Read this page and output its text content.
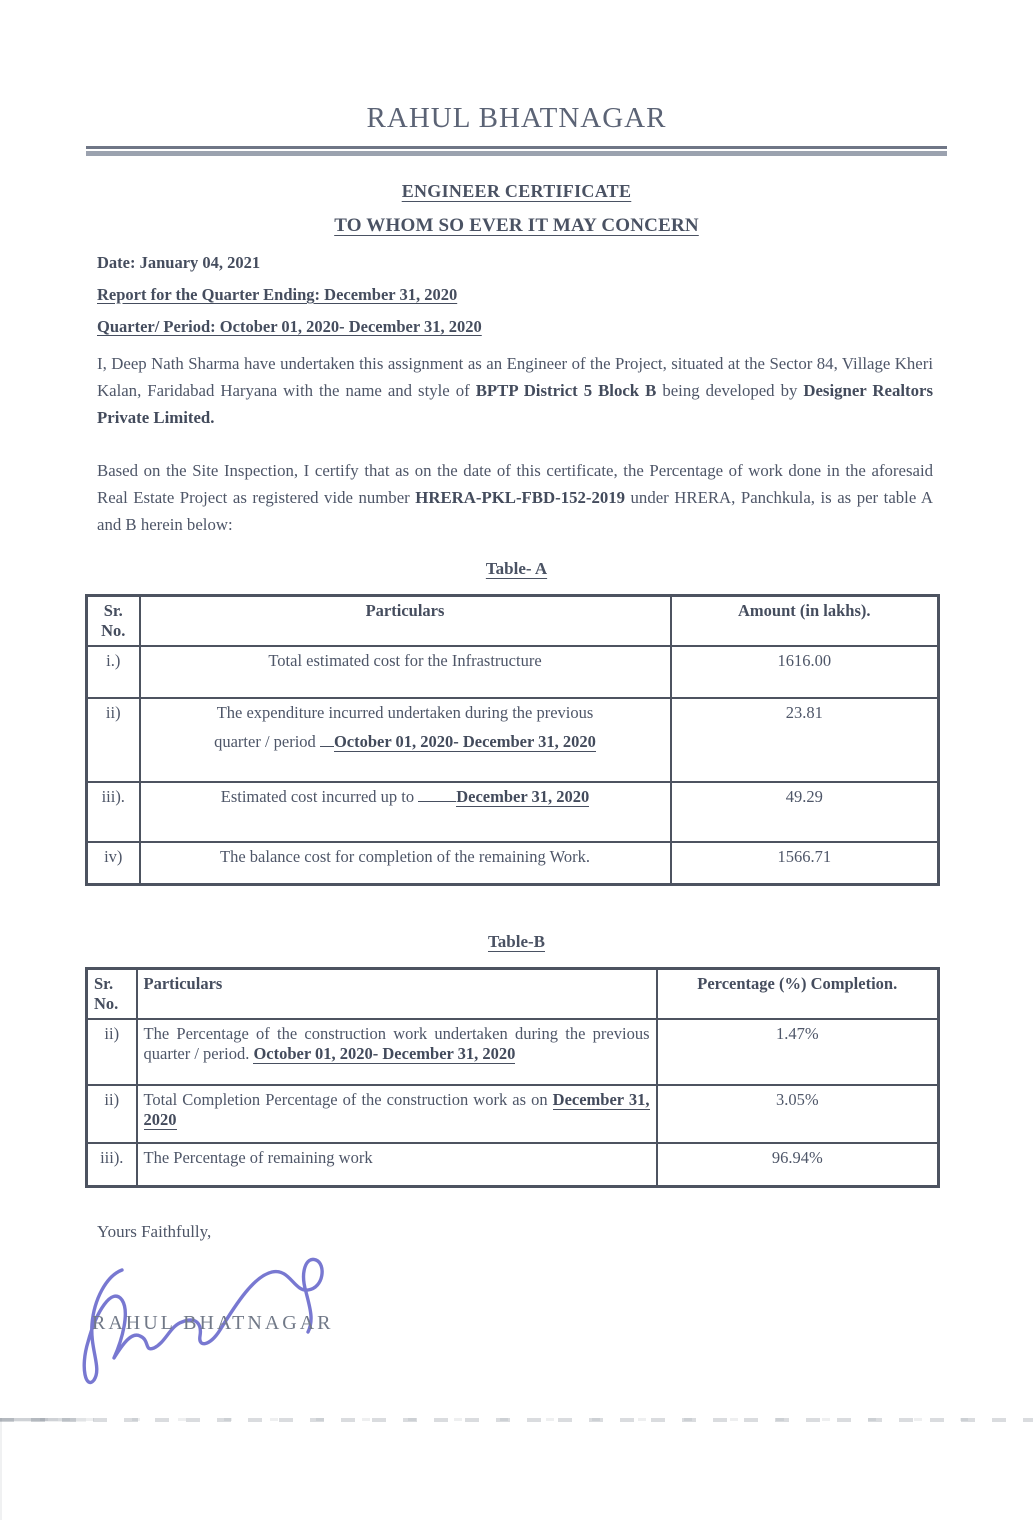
RAHUL BHATNAGAR
ENGINEER CERTIFICATE
TO WHOM SO EVER IT MAY CONCERN
Date: January 04, 2021
Report for the Quarter Ending: December 31, 2020
Quarter/ Period: October 01, 2020- December 31, 2020
I, Deep Nath Sharma have undertaken this assignment as an Engineer of the Project, situated at the Sector 84, Village Kheri Kalan, Faridabad Haryana with the name and style of BPTP District 5 Block B being developed by Designer Realtors Private Limited.
Based on the Site Inspection, I certify that as on the date of this certificate, the Percentage of work done in the aforesaid Real Estate Project as registered vide number HRERA-PKL-FBD-152-2019 under HRERA, Panchkula, is as per table A and B herein below:
Table- A
Sr.
No.	Particulars	Amount (in lakhs).
i.)	Total estimated cost for the Infrastructure	1616.00
ii)	The expenditure incurred undertaken during the previous
quarter / period October 01, 2020- December 31, 2020	23.81
iii).	Estimated cost incurred up to December 31, 2020	49.29
iv)	The balance cost for completion of the remaining Work.	1566.71
Table-B
Sr.
No.	Particulars	Percentage (%) Completion.
ii)	The Percentage of the construction work undertaken during the previous quarter / period. October 01, 2020- December 31, 2020	1.47%
ii)	Total Completion Percentage of the construction work as on December 31, 2020	3.05%
iii).	The Percentage of remaining work	96.94%
Yours Faithfully,
RAHUL BHATNAGAR
